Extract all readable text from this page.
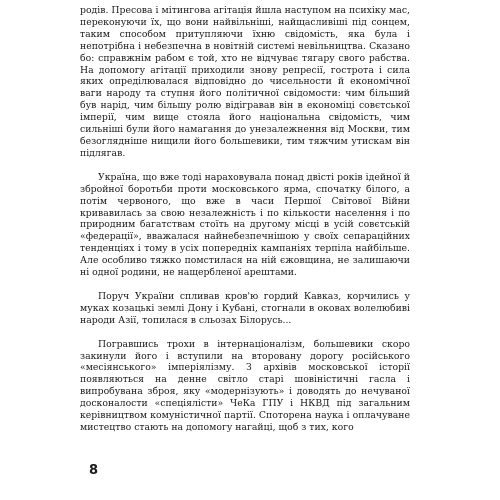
родів. Пресова і мітингова агітація йшла наступом на психіку мас, переконуючи їх, що вони найвільніші, найщасливіші під сонцем, таким способом притупляючи їхню свідомість, яка була і непотрібна і небезпечна в новітній системі невільництва. Сказано бо: справжнім рабом є той, хто не відчуває тягару свого рабства. На допомогу агітації приходили знову репресії, гострота і сила яких опреділювалася відповідно до чисельности й економічної ваги народу та ступня його політичної свідомости: чим більший був нарід, чим більшу ролю відігравав він в економіці совєтської імперії, чим вище стояла його національна свідомість, чим сильніші були його намагання до унезалежнення від Москви, тим безоглядніше нищили його большевики, тим тяжчим утискам він підлягав.

Україна, що вже тоді нараховувала понад двісті років ідейної й збройної боротьби проти московського ярма, спочатку білого, а потім червоного, що вже в часи Першої Світової Війни кривавилась за свою незалежність і по кількости населення і по природним багатствам стоїть на другому місці в усій совєтській «федерації», вважалася найнебезпечнішою у своїх сепараційних тенденціях і тому в усіх попередніх кампаніях терпіла найбільше. Але особливо тяжко помстилася на ній єжовщина, не залишаючи ні одної родини, не нащербленої арештами.

Поруч України спливав кров'ю гордий Кавказ, корчились у муках козацькі землі Дону і Кубані, стогнали в оковах волелюбиві народи Азії, топилася в сльозах Білорусь...

Погравшись трохи в інтернаціоналізм, большевики скоро закинули його і вступили на второвану дорогу російського «месіянського» імперіялізму. З архівів московської історії появляються на денне світло старі шовіністичні гасла і випробувана зброя, яку «модернізують» і доводять до нечуваної досконалости «спеціялісти» ЧеКа ГПУ і НКВД під загальним керівництвом комуністичної партії. Споторена наука і оплачуване мистецтво стають на допомогу нагайці, щоб з тих, кого

8
